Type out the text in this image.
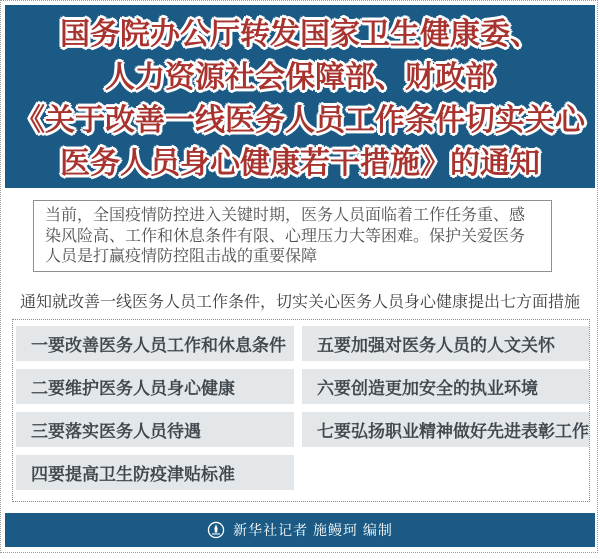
国务院办公厅转发国家卫生健康委、
人力资源社会保障部、财政部
《关于改善一线医务人员工作条件切实关心
医务人员身心健康若干措施》的通知
当前，全国疫情防控进入关键时期，医务人员面临着工作任务重、感染风险高、工作和休息条件有限、心理压力大等困难。保护关爱医务人员是打赢疫情防控阻击战的重要保障
通知就改善一线医务人员工作条件，切实关心医务人员身心健康提出七方面措施
一要改善医务人员工作和休息条件	五要加强对医务人员的人文关怀
二要维护医务人员身心健康	六要创造更加安全的执业环境
三要落实医务人员待遇	七要弘扬职业精神做好先进表彰工作
四要提高卫生防疫津贴标准
新华社记者 施鳗珂 编制
